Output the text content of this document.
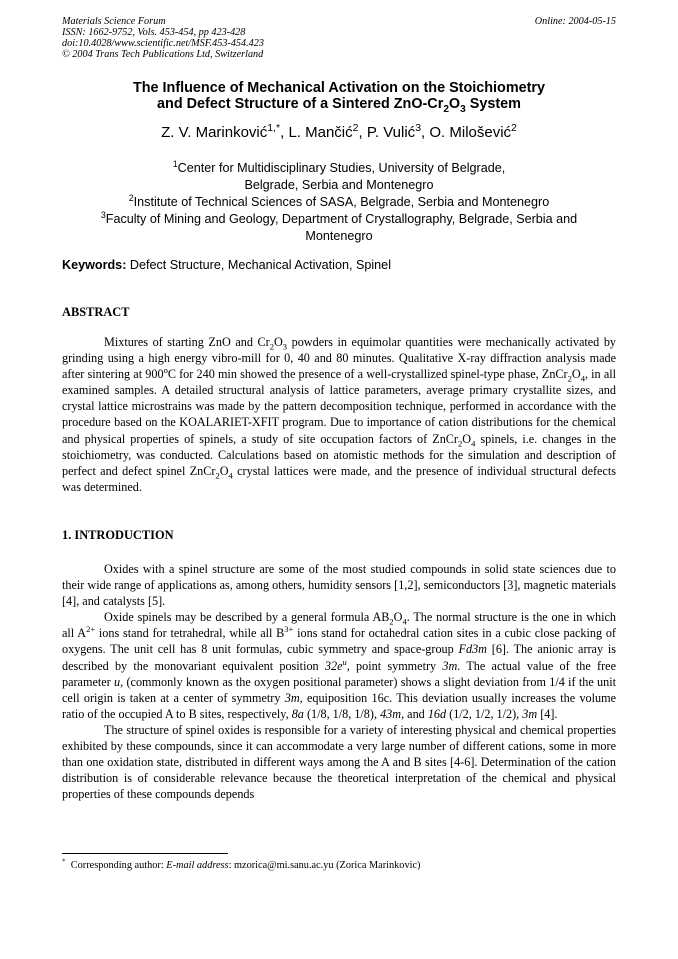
Materials Science Forum
ISSN: 1662-9752, Vols. 453-454, pp 423-428
doi:10.4028/www.scientific.net/MSF.453-454.423
© 2004 Trans Tech Publications Ltd, Switzerland
Online: 2004-05-15
The Influence of Mechanical Activation on the Stoichiometry
and Defect Structure of a Sintered ZnO-$Cr_2O_3$ System
Z. V. Marinković$^{1,*}$, L. Mančić$^2$, P. Vulić$^3$, O. Milošević$^2$
$^1$Center for Multidisciplinary Studies, University of Belgrade,
Belgrade, Serbia and Montenegro
$^2$Institute of Technical Sciences of SASA, Belgrade, Serbia and Montenegro
$^3$Faculty of Mining and Geology, Department of Crystallography, Belgrade, Serbia and
Montenegro
Keywords: Defect Structure, Mechanical Activation, Spinel
ABSTRACT

Mixtures of starting ZnO and $Cr_2O_3$ powders in equimolar quantities were mechanically activated by grinding using a high energy vibro-mill for 0, 40 and 80 minutes. Qualitative X-ray diffraction analysis made after sintering at 900$^o$C for 240 min showed the presence of a well-crystallized spinel-type phase, $ZnCr_2O_4$, in all examined samples. A detailed structural analysis of lattice parameters, average primary crystallite sizes, and crystal lattice microstrains was made by the pattern decomposition technique, performed in accordance with the procedure based on the KOALARIET-XFIT program. Due to importance of cation distributions for the chemical and physical properties of spinels, a study of site occupation factors of $ZnCr_2O_4$ spinels, i.e. changes in the stoichiometry, was conducted. Calculations based on atomistic methods for the simulation and description of perfect and defect spinel $ZnCr_2O_4$ crystal lattices were made, and the presence of individual structural defects was determined.

1. INTRODUCTION

Oxides with a spinel structure are some of the most studied compounds in solid state sciences due to their wide range of applications as, among others, humidity sensors [1,2], semiconductors [3], magnetic materials [4], and catalysts [5].

Oxide spinels may be described by a general formula $AB_2O_4$. The normal structure is the one in which all $A^{2+}$ ions stand for tetrahedral, while all $B^{3+}$ ions stand for octahedral cation sites in a cubic close packing of oxygens. The unit cell has 8 unit formulas, cubic symmetry and space-group Fd3m [6]. The anionic array is described by the monovariant equivalent position $32e^u$, point symmetry 3m. The actual value of the free parameter u, (commonly known as the oxygen positional parameter) shows a slight deviation from 1/4 if the unit cell origin is taken at a center of symmetry 3m, equiposition 16c. This deviation usually increases the volume ratio of the occupied A to B sites, respectively, 8a (1/8, 1/8, 1/8), 43m, and 16d (1/2, 1/2, 1/2), 3m [4].

The structure of spinel oxides is responsible for a variety of interesting physical and chemical properties exhibited by these compounds, since it can accommodate a very large number of different cations, some in more than one oxidation state, distributed in different ways among the A and B sites [4-6]. Determination of the cation distribution is of considerable relevance because the theoretical interpretation of the chemical and physical properties of these compounds depends

* Corresponding author: E-mail address: mzorica@mi.sanu.ac.yu (Zorica Marinkovic)
